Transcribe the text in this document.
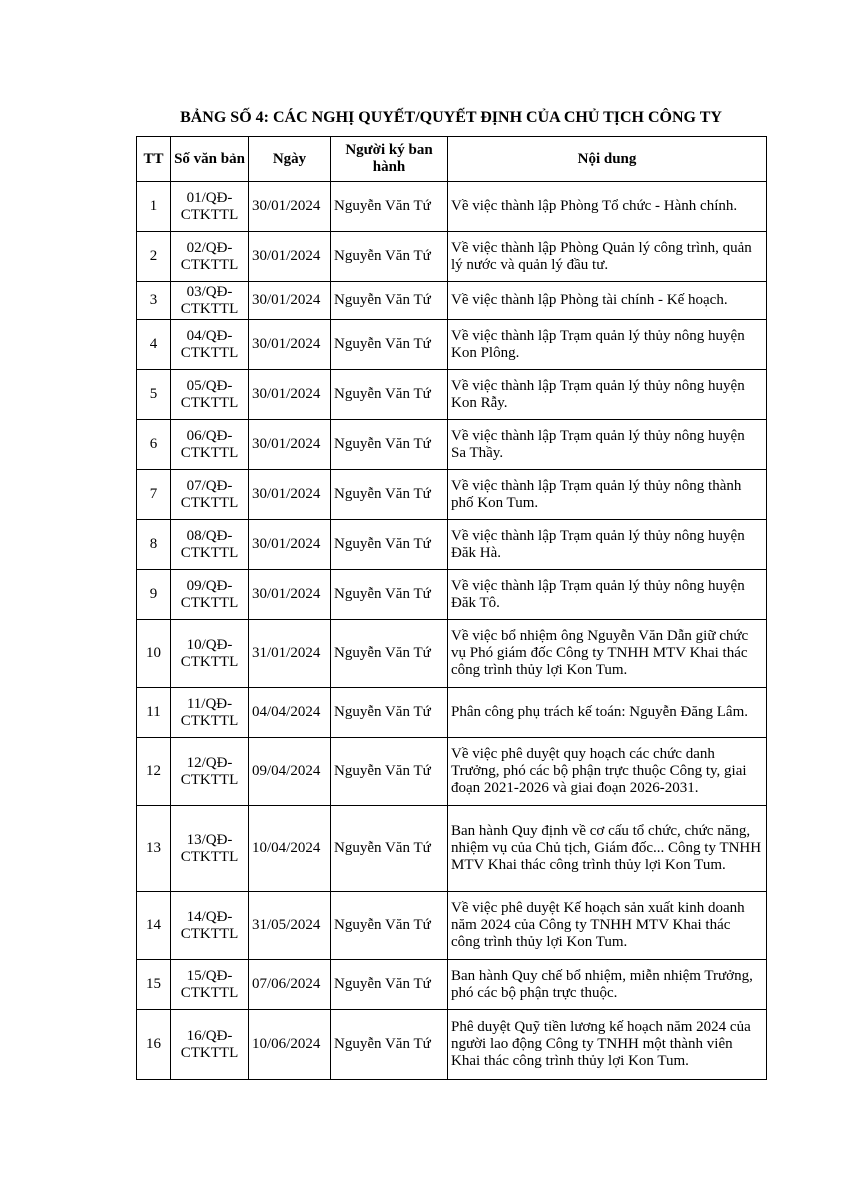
BẢNG SỐ 4: CÁC NGHỊ QUYẾT/QUYẾT ĐỊNH CỦA CHỦ TỊCH CÔNG TY
TT	Số văn bản	Ngày	Người ký ban hành	Nội dung
1	01/QĐ-CTKTTL	30/01/2024	Nguyễn Văn Tứ	Về việc thành lập Phòng Tổ chức - Hành chính.
2	02/QĐ-CTKTTL	30/01/2024	Nguyễn Văn Tứ	Về việc thành lập Phòng Quản lý công trình, quản lý nước và quản lý đầu tư.
3	03/QĐ-CTKTTL	30/01/2024	Nguyễn Văn Tứ	Về việc thành lập Phòng tài chính - Kế hoạch.
4	04/QĐ-CTKTTL	30/01/2024	Nguyễn Văn Tứ	Về việc thành lập Trạm quản lý thủy nông huyện Kon Plông.
5	05/QĐ-CTKTTL	30/01/2024	Nguyễn Văn Tứ	Về việc thành lập Trạm quản lý thủy nông huyện Kon Rẫy.
6	06/QĐ-CTKTTL	30/01/2024	Nguyễn Văn Tứ	Về việc thành lập Trạm quản lý thủy nông huyện Sa Thầy.
7	07/QĐ-CTKTTL	30/01/2024	Nguyễn Văn Tứ	Về việc thành lập Trạm quản lý thủy nông thành phố Kon Tum.
8	08/QĐ-CTKTTL	30/01/2024	Nguyễn Văn Tứ	Về việc thành lập Trạm quản lý thủy nông huyện Đăk Hà.
9	09/QĐ-CTKTTL	30/01/2024	Nguyễn Văn Tứ	Về việc thành lập Trạm quản lý thủy nông huyện Đăk Tô.
10	10/QĐ-CTKTTL	31/01/2024	Nguyễn Văn Tứ	Về việc bổ nhiệm ông Nguyễn Văn Dẫn giữ chức vụ Phó giám đốc Công ty TNHH MTV Khai thác công trình thủy lợi Kon Tum.
11	11/QĐ-CTKTTL	04/04/2024	Nguyễn Văn Tứ	Phân công phụ trách kế toán: Nguyễn Đăng Lâm.
12	12/QĐ-CTKTTL	09/04/2024	Nguyễn Văn Tứ	Về việc phê duyệt quy hoạch các chức danh Trưởng, phó các bộ phận trực thuộc Công ty, giai đoạn 2021-2026 và giai đoạn 2026-2031.
13	13/QĐ-CTKTTL	10/04/2024	Nguyễn Văn Tứ	Ban hành Quy định về cơ cấu tổ chức, chức năng, nhiệm vụ của Chủ tịch, Giám đốc... Công ty TNHH MTV Khai thác công trình thủy lợi Kon Tum.
14	14/QĐ-CTKTTL	31/05/2024	Nguyễn Văn Tứ	Về việc phê duyệt Kế hoạch sản xuất kinh doanh năm 2024 của Công ty TNHH MTV Khai thác công trình thủy lợi Kon Tum.
15	15/QĐ-CTKTTL	07/06/2024	Nguyễn Văn Tứ	Ban hành Quy chế bổ nhiệm, miễn nhiệm Trưởng, phó các bộ phận trực thuộc.
16	16/QĐ-CTKTTL	10/06/2024	Nguyễn Văn Tứ	Phê duyệt Quỹ tiền lương kế hoạch năm 2024 của người lao động Công ty TNHH một thành viên Khai thác công trình thủy lợi Kon Tum.
